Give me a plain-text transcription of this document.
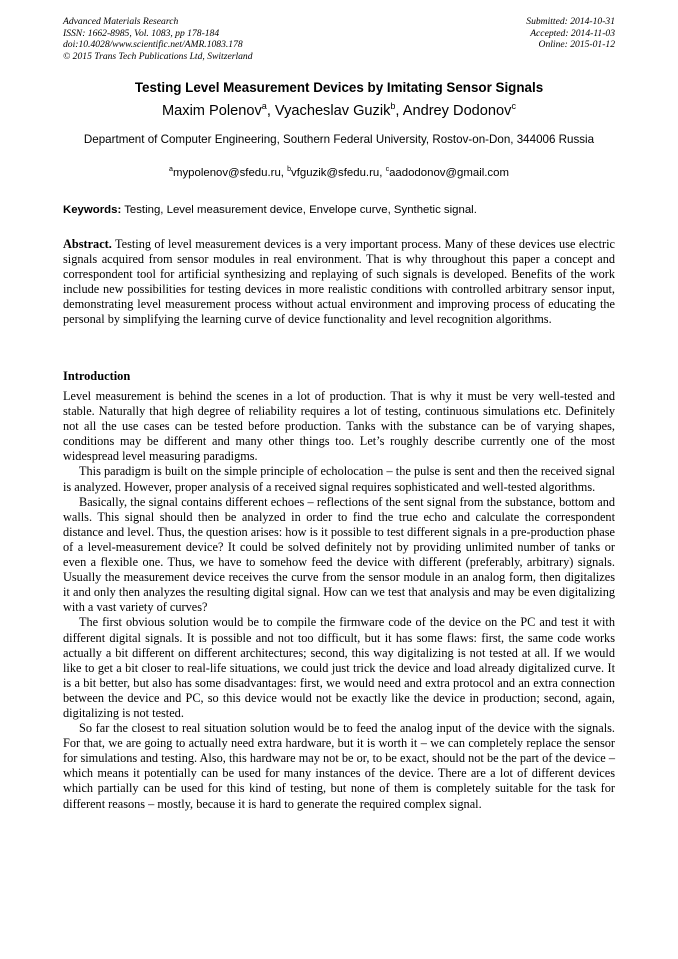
Advanced Materials Research
ISSN: 1662-8985, Vol. 1083, pp 178-184
doi:10.4028/www.scientific.net/AMR.1083.178
© 2015 Trans Tech Publications Ltd, Switzerland
Submitted: 2014-10-31
Accepted: 2014-11-03
Online: 2015-01-12
Testing Level Measurement Devices by Imitating Sensor Signals
Maxim Polenov$^a$, Vyacheslav Guzik$^b$, Andrey Dodonov$^c$
Department of Computer Engineering, Southern Federal University, Rostov-on-Don, 344006 Russia
$^a$mypolenov@sfedu.ru, $^b$vfguzik@sfedu.ru, $^c$aadodonov@gmail.com
Keywords: Testing, Level measurement device, Envelope curve, Synthetic signal.
Abstract. Testing of level measurement devices is a very important process. Many of these devices use electric signals acquired from sensor modules in real environment. That is why throughout this paper a concept and correspondent tool for artificial synthesizing and replaying of such signals is developed. Benefits of the work include new possibilities for testing devices in more realistic conditions with controlled arbitrary sensor input, demonstrating level measurement process without actual environment and improving process of educating the personal by simplifying the learning curve of device functionality and level recognition algorithms.
Introduction

Level measurement is behind the scenes in a lot of production. That is why it must be very well-tested and stable. Naturally that high degree of reliability requires a lot of testing, continuous simulations etc. Definitely not all the use cases can be tested before production. Tanks with the substance can be of varying shapes, conditions may be different and many other things too. Let’s roughly describe currently one of the most widespread level measuring paradigms.

This paradigm is built on the simple principle of echolocation – the pulse is sent and then the received signal is analyzed. However, proper analysis of a received signal requires sophisticated and well-tested algorithms.

Basically, the signal contains different echoes – reflections of the sent signal from the substance, bottom and walls. This signal should then be analyzed in order to find the true echo and calculate the correspondent distance and level. Thus, the question arises: how is it possible to test different signals in a pre-production phase of a level-measurement device? It could be solved definitely not by providing unlimited number of tanks or even a flexible one. Thus, we have to somehow feed the device with different (preferably, arbitrary) signals. Usually the measurement device receives the curve from the sensor module in an analog form, then digitalizes it and only then analyzes the resulting digital signal. How can we test that analysis and may be even digitalizing with a vast variety of curves?

The first obvious solution would be to compile the firmware code of the device on the PC and test it with different digital signals. It is possible and not too difficult, but it has some flaws: first, the same code works actually a bit different on different architectures; second, this way digitalizing is not tested at all. If we would like to get a bit closer to real-life situations, we could just trick the device and load already digitalized curve. It is a bit better, but also has some disadvantages: first, we would need and extra protocol and an extra connection between the device and PC, so this device would not be exactly like the device in production; second, again, digitalizing is not tested.

So far the closest to real situation solution would be to feed the analog input of the device with the signals. For that, we are going to actually need extra hardware, but it is worth it – we can completely replace the sensor for simulations and testing. Also, this hardware may not be or, to be exact, should not be the part of the device – which means it potentially can be used for many instances of the device. There are a lot of different devices which partially can be used for this kind of testing, but none of them is completely suitable for the task for different reasons – mostly, because it is hard to generate the required complex signal.
